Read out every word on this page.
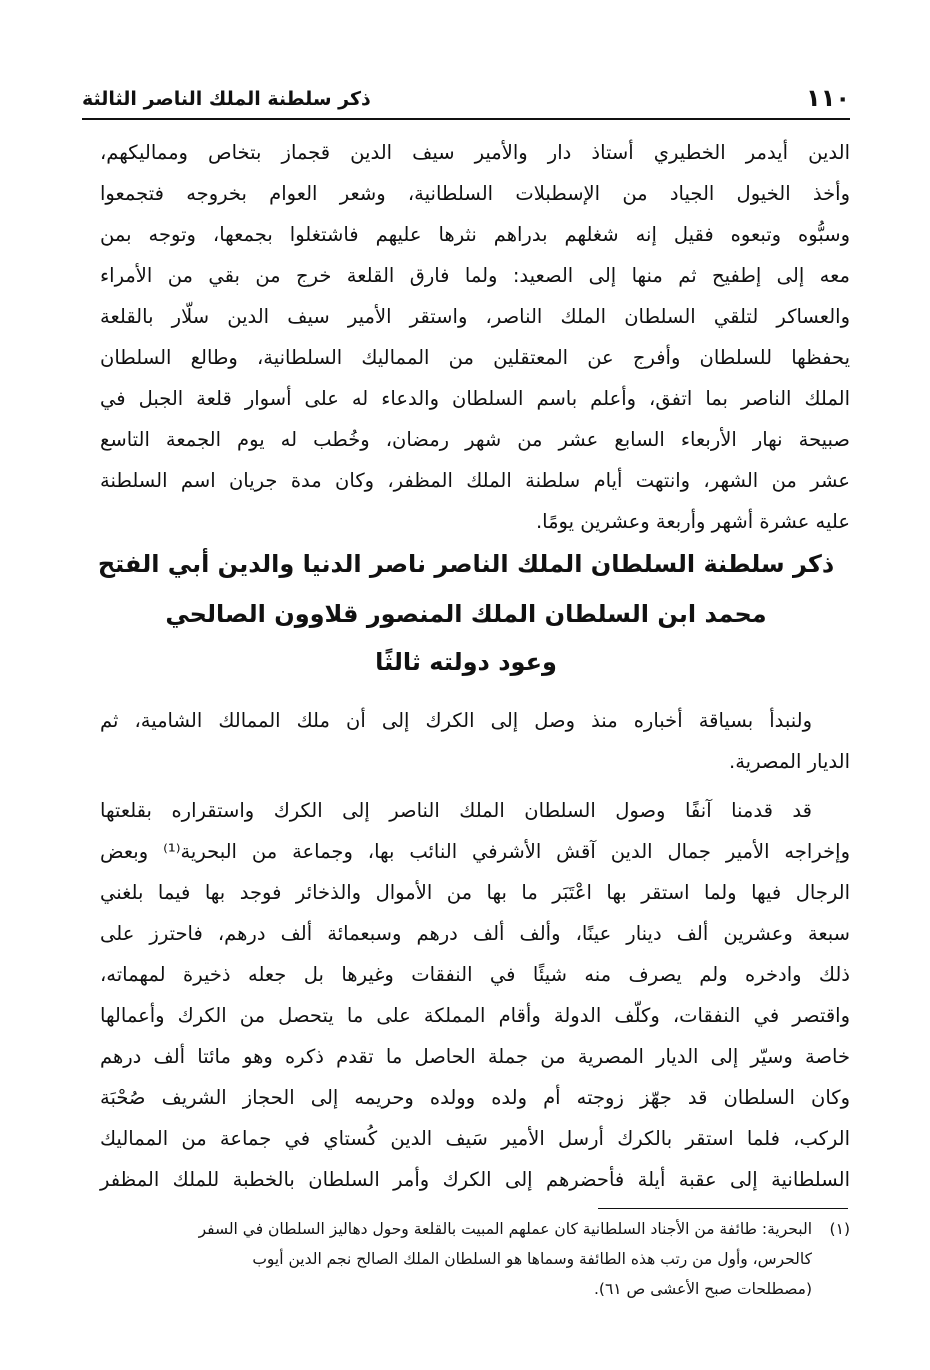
١١٠
ذكر سلطنة الملك الناصر الثالثة
الدين أيدمر الخطيري أستاذ دار والأمير سيف الدين قجماز بتخاص ومماليكهم،
وأخذ الخيول الجياد من الإسطبلات السلطانية، وشعر العوام بخروجه فتجمعوا
وسبُّوه وتبعوه فقيل إنه شغلهم بدراهم نثرها عليهم فاشتغلوا بجمعها، وتوجه بمن
معه إلى إطفيح ثم منها إلى الصعيد: ولما فارق القلعة خرج من بقي من الأمراء
والعساكر لتلقي السلطان الملك الناصر، واستقر الأمير سيف الدين سلّار بالقلعة
يحفظها للسلطان وأفرج عن المعتقلين من المماليك السلطانية، وطالع السلطان
الملك الناصر بما اتفق، وأعلم باسم السلطان والدعاء له على أسوار قلعة الجبل في
صبيحة نهار الأربعاء السابع عشر من شهر رمضان، وخُطب له يوم الجمعة التاسع
عشر من الشهر، وانتهت أيام سلطنة الملك المظفر، وكان مدة جريان اسم السلطنة
عليه عشرة أشهر وأربعة وعشرين يومًا.
ذكر سلطنة السلطان الملك الناصر ناصر الدنيا والدين أبي الفتح
محمد ابن السلطان الملك المنصور قلاوون الصالحي
وعود دولته ثالثًا
ولنبدأ بسياقة أخباره منذ وصل إلى الكرك إلى أن ملك الممالك الشامية، ثم
الديار المصرية.
قد قدمنا آنفًا وصول السلطان الملك الناصر إلى الكرك واستقراره بقلعتها
وإخراجه الأمير جمال الدين آقش الأشرفي النائب بها، وجماعة من البحرية⁽¹⁾ وبعض
الرجال فيها ولما استقر بها اعْتَبَر ما بها من الأموال والذخائر فوجد بها فيما بلغني
سبعة وعشرين ألف دينار عينًا، وألف ألف درهم وسبعمائة ألف درهم، فاحترز على
ذلك وادخره ولم يصرف منه شيئًا في النفقات وغيرها بل جعله ذخيرة لمهماته،
واقتصر في النفقات، وكلّف الدولة وأقام المملكة على ما يتحصل من الكرك وأعمالها
خاصة وسيّر إلى الديار المصرية من جملة الحاصل ما تقدم ذكره وهو مائتا ألف درهم
وكان السلطان قد جهّز زوجته أم ولده وولده وحريمه إلى الحجاز الشريف صُحْبَة
الركب، فلما استقر بالكرك أرسل الأمير سَيف الدين كُستاي في جماعة من المماليك
السلطانية إلى عقبة أيلة فأحضرهم إلى الكرك وأمر السلطان بالخطبة للملك المظفر
(١)البحرية: طائفة من الأجناد السلطانية كان عملهم المبيت بالقلعة وحول دهاليز السلطان في السفر
كالحرس، وأول من رتب هذه الطائفة وسماها هو السلطان الملك الصالح نجم الدين أيوب
(مصطلحات صبح الأعشى ص ٦١).
